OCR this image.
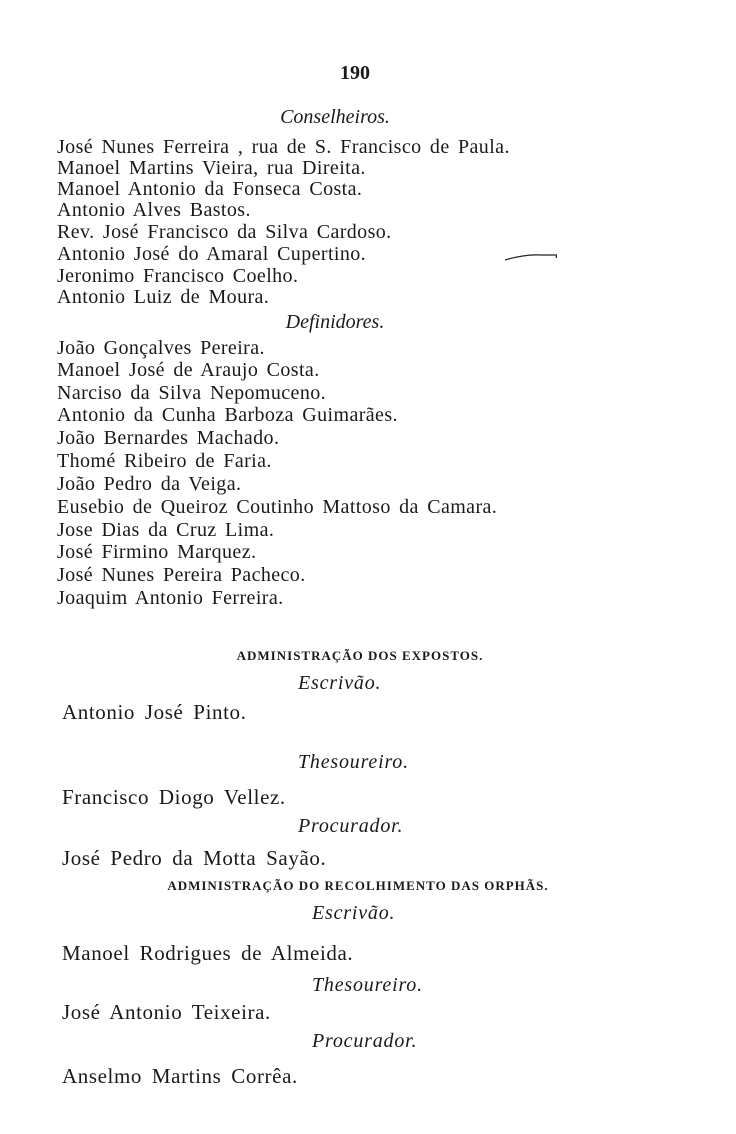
190
Conselheiros.
José Nunes Ferreira , rua de S. Francisco de Paula.
Manoel Martins Vieira, rua Direita.
Manoel Antonio da Fonseca Costa.
Antonio Alves Bastos.
Rev. José Francisco da Silva Cardoso.
Antonio José do Amaral Cupertino.
Jeronimo Francisco Coelho.
Antonio Luiz de Moura.
Definidores.
João Gonçalves Pereira.
Manoel José de Araujo Costa.
Narciso da Silva Nepomuceno.
Antonio da Cunha Barboza Guimarães.
João Bernardes Machado.
Thomé Ribeiro de Faria.
João Pedro da Veiga.
Eusebio de Queiroz Coutinho Mattoso da Camara.
Jose Dias da Cruz Lima.
José Firmino Marquez.
José Nunes Pereira Pacheco.
Joaquim Antonio Ferreira.
ADMINISTRAÇÃO DOS EXPOSTOS.
Escrivão.
Antonio José Pinto.
Thesoureiro.
Francisco Diogo Vellez.
Procurador.
José Pedro da Motta Sayão.
ADMINISTRAÇÃO DO RECOLHIMENTO DAS ORPHÃS.
Escrivão.
Manoel Rodrigues de Almeida.
Thesoureiro.
José Antonio Teixeira.
Procurador.
Anselmo Martins Corrêa.
